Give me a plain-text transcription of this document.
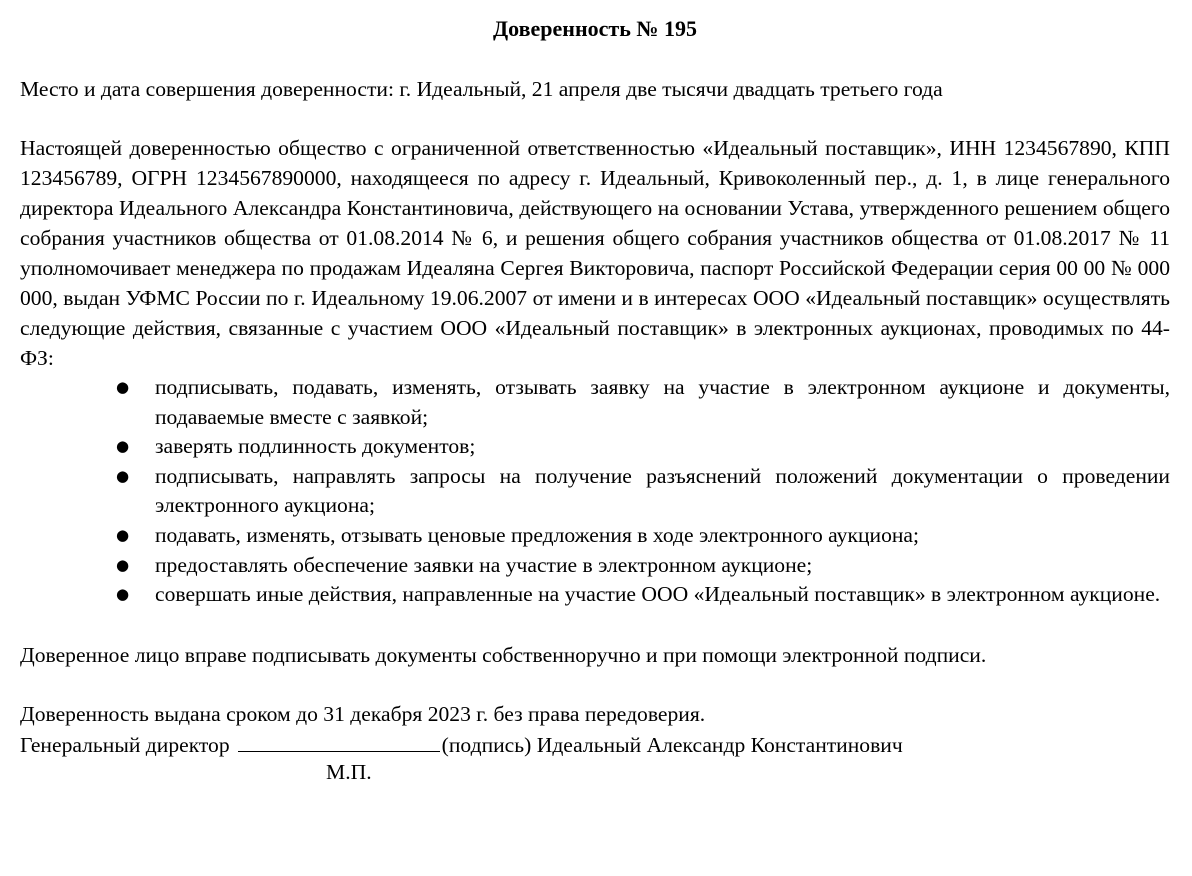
Доверенность № 195

Место и дата совершения доверенности: г. Идеальный, 21 апреля две тысячи двадцать третьего года

Настоящей доверенностью общество с ограниченной ответственностью «Идеальный поставщик», ИНН 1234567890, КПП 123456789, ОГРН 1234567890000, находящееся по адресу г. Идеальный, Кривоколенный пер., д. 1, в лице генерального директора Идеального Александра Константиновича, действующего на основании Устава, утвержденного решением общего собрания участников общества от 01.08.2014 № 6, и решения общего собрания участников общества от 01.08.2017 № 11 уполномочивает менеджера по продажам Идеаляна Сергея Викторовича, паспорт Российской Федерации серия 00 00 № 000 000, выдан УФМС России по г. Идеальному 19.06.2007 от имени и в интересах ООО «Идеальный поставщик» осуществлять следующие действия, связанные с участием ООО «Идеальный поставщик» в электронных аукционах, проводимых по 44-ФЗ:

● подписывать, подавать, изменять, отзывать заявку на участие в электронном аукционе и документы, подаваемые вместе с заявкой;
● заверять подлинность документов;
● подписывать, направлять запросы на получение разъяснений положений документации о проведении электронного аукциона;
● подавать, изменять, отзывать ценовые предложения в ходе электронного аукциона;
● предоставлять обеспечение заявки на участие в электронном аукционе;
● совершать иные действия, направленные на участие ООО «Идеальный поставщик» в электронном аукционе.

Доверенное лицо вправе подписывать документы собственноручно и при помощи электронной подписи.

Доверенность выдана сроком до 31 декабря 2023 г. без права передоверия.

Генеральный директор	(подпись) Идеальный Александр Константинович

М.П.
